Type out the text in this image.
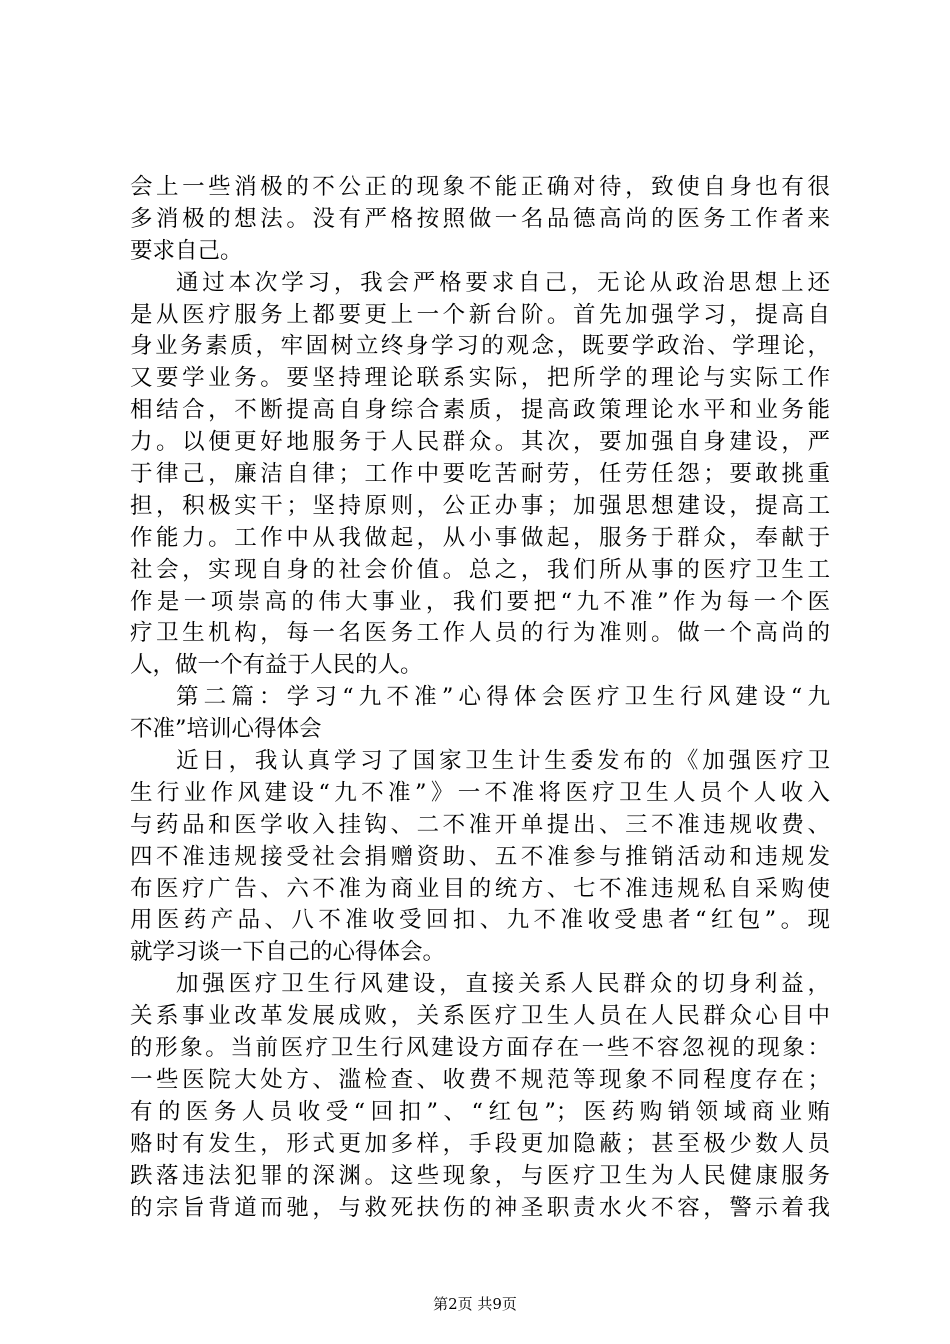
会上一些消极的不公正的现象不能正确对待，致使自身也有很
多消极的想法。没有严格按照做一名品德高尚的医务工作者来
要求自己。
通过本次学习，我会严格要求自己，无论从政治思想上还
是从医疗服务上都要更上一个新台阶。首先加强学习，提高自
身业务素质，牢固树立终身学习的观念，既要学政治、学理论，
又要学业务。要坚持理论联系实际，把所学的理论与实际工作
相结合，不断提高自身综合素质，提高政策理论水平和业务能
力。以便更好地服务于人民群众。其次，要加强自身建设，严
于律己，廉洁自律；工作中要吃苦耐劳，任劳任怨；要敢挑重
担，积极实干；坚持原则，公正办事；加强思想建设，提高工
作能力。工作中从我做起，从小事做起，服务于群众，奉献于
社会，实现自身的社会价值。总之，我们所从事的医疗卫生工
作是一项崇高的伟大事业，我们要把“九不准”作为每一个医
疗卫生机构，每一名医务工作人员的行为准则。做一个高尚的
人，做一个有益于人民的人。
第二篇：学习“九不准”心得体会医疗卫生行风建设“九
不准”培训心得体会
近日，我认真学习了国家卫生计生委发布的《加强医疗卫
生行业作风建设“九不准”》一不准将医疗卫生人员个人收入
与药品和医学收入挂钩、二不准开单提出、三不准违规收费、
四不准违规接受社会捐赠资助、五不准参与推销活动和违规发
布医疗广告、六不准为商业目的统方、七不准违规私自采购使
用医药产品、八不准收受回扣、九不准收受患者“红包”。现
就学习谈一下自己的心得体会。
加强医疗卫生行风建设，直接关系人民群众的切身利益，
关系事业改革发展成败，关系医疗卫生人员在人民群众心目中
的形象。当前医疗卫生行风建设方面存在一些不容忽视的现象：
一些医院大处方、滥检查、收费不规范等现象不同程度存在；
有的医务人员收受“回扣”、“红包”；医药购销领域商业贿
赂时有发生，形式更加多样，手段更加隐蔽；甚至极少数人员
跌落违法犯罪的深渊。这些现象，与医疗卫生为人民健康服务
的宗旨背道而驰，与救死扶伤的神圣职责水火不容，警示着我
第2页 共9页
